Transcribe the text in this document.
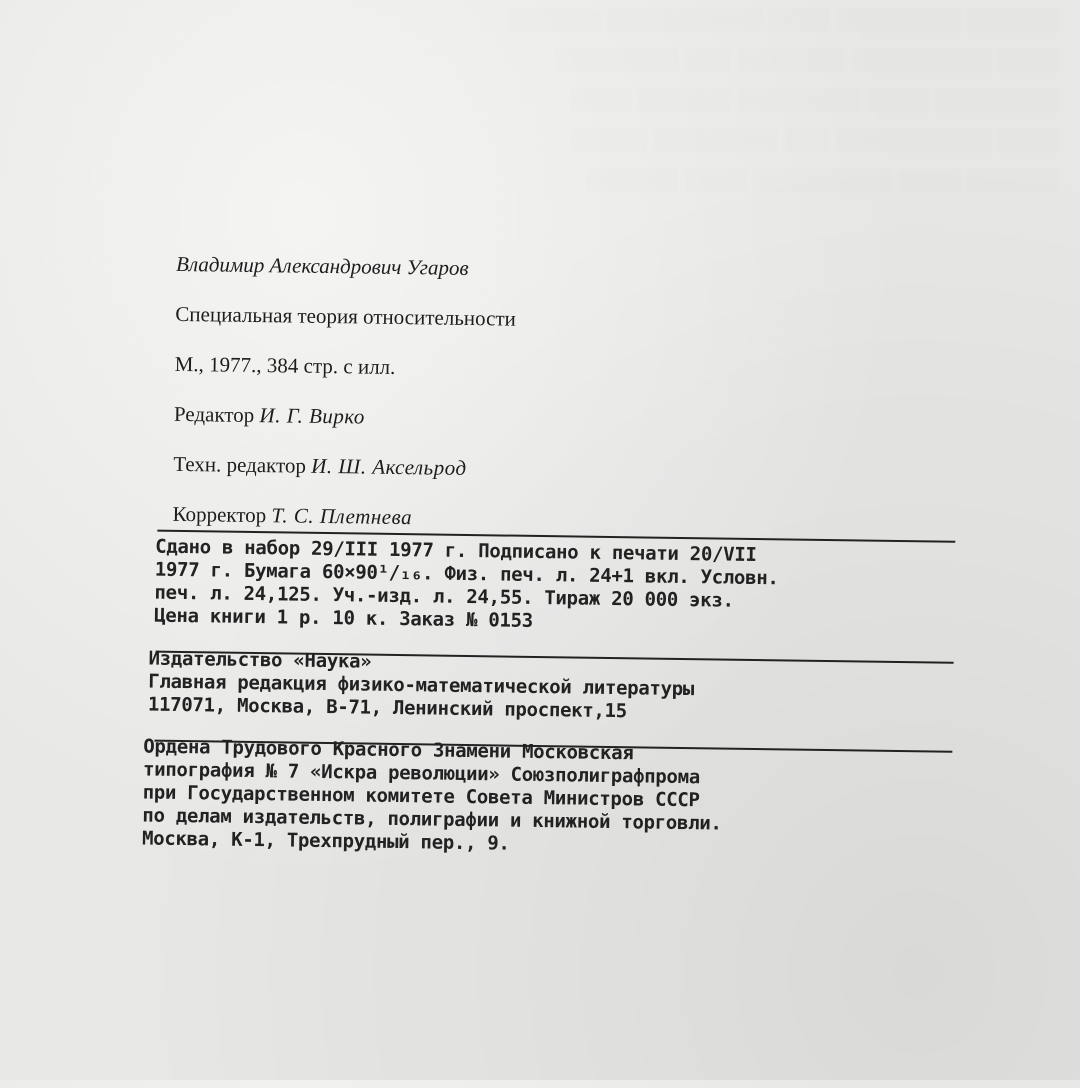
░░░░░░ ░░░░░░░░ ░░░░ ░░░░░░░░░░ ░░░░░░
░░░░ ░░░░░░░░░ ░░░░░░░ ░░░ ░░░░░░░░
░░░░░░░░ ░░░░ ░░░░░░░░ ░░░░░░ ░░░░
░░░░ ░░░░░░░░░░ ░░░ ░░░░░░░░ ░░░░░
░░░░░░ ░░░░ ░░░░░░░░░ ░░░░ ░░░░░░
Владимир Александрович Угаров
Специальная теория относительности
М., 1977., 384 стр. с илл.
Редактор И. Г. Вирко
Техн. редактор И. Ш. Аксельрод
Корректор Т. С. Плетнева
Сдано в набор 29/III 1977 г. Подписано к печати 20/VII
1977 г. Бумага 60×90¹/₁₆. Физ. печ. л. 24+1 вкл. Условн.
печ. л. 24,125. Уч.-изд. л. 24,55. Тираж 20 000 экз.
Цена книги 1 р. 10 к. Заказ № 0153
Издательство «Наука»
Главная редакция физико-математической литературы
117071, Москва, В-71, Ленинский проспект,15
Ордена Трудового Красного Знамени Московская
типография № 7 «Искра революции» Союзполиграфпрома
при Государственном комитете Совета Министров СССР
по делам издательств, полиграфии и книжной торговли.
Москва, К-1, Трехпрудный пер., 9.
